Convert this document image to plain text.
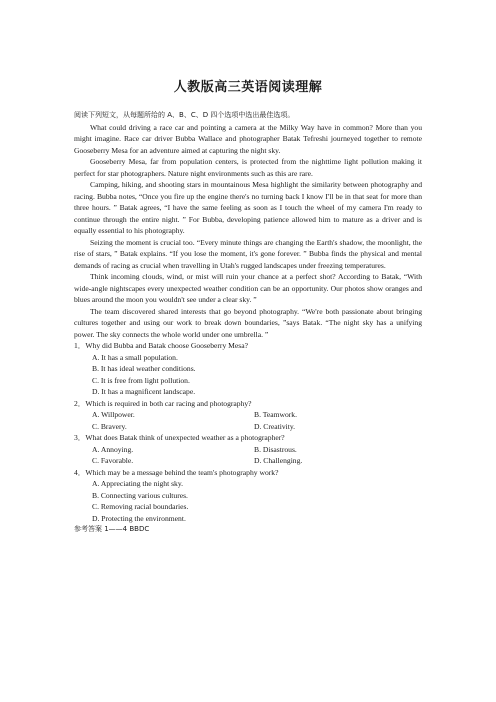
人教版高三英语阅读理解

阅读下列短文，从每题所给的 A、B、C、D 四个选项中选出最佳选项。

What could driving a race car and pointing a camera at the Milky Way have in common? More than you might imagine. Race car driver Bubba Wallace and photographer Batak Tefreshi journeyed together to remote Gooseberry Mesa for an adventure aimed at capturing the night sky.

Gooseberry Mesa, far from population centers, is protected from the nighttime light pollution making it perfect for star photographers. Nature night environments such as this are rare.

Camping, hiking, and shooting stars in mountainous Mesa highlight the similarity between photography and racing. Bubba notes, “Once you fire up the engine there's no turning back I know I'll be in that seat for more than three hours. ” Batak agrees, “I have the same feeling as soon as I touch the wheel of my camera I'm ready to continue through the entire night. ” For Bubba, developing patience allowed him to mature as a driver and is equally essential to his photography.

Seizing the moment is crucial too. “Every minute things are changing the Earth's shadow, the moonlight, the rise of stars, ” Batak explains. “If you lose the moment, it's gone forever. ” Bubba finds the physical and mental demands of racing as crucial when travelling in Utah's rugged landscapes under freezing temperatures.

Think incoming clouds, wind, or mist will ruin your chance at a perfect shot? According to Batak, “With wide-angle nightscapes every unexpected weather condition can be an opportunity. Our photos show oranges and blues around the moon you wouldn't see under a clear sky. ”

The team discovered shared interests that go beyond photography. “We're both passionate about bringing cultures together and using our work to break down boundaries, ”says Batak. “The night sky has a unifying power. The sky connects the whole world under one umbrella. ”

1．Why did Bubba and Batak choose Gooseberry Mesa?

A. It has a small population.

B. It has ideal weather conditions.

C. It is free from light pollution.

D. It has a magnificent landscape.

2．Which is required in both car racing and photography?

A. Willpower.	B. Teamwork.
C. Bravery.	D. Creativity.

3．What does Batak think of unexpected weather as a photographer?

A. Annoying.	B. Disastrous.
C. Favorable.	D. Challenging.

4．Which may be a message behind the team's photography work?

A. Appreciating the night sky.

B. Connecting various cultures.

C. Removing racial boundaries.

D. Protecting the environment.

参考答案 1——4 BBDC
